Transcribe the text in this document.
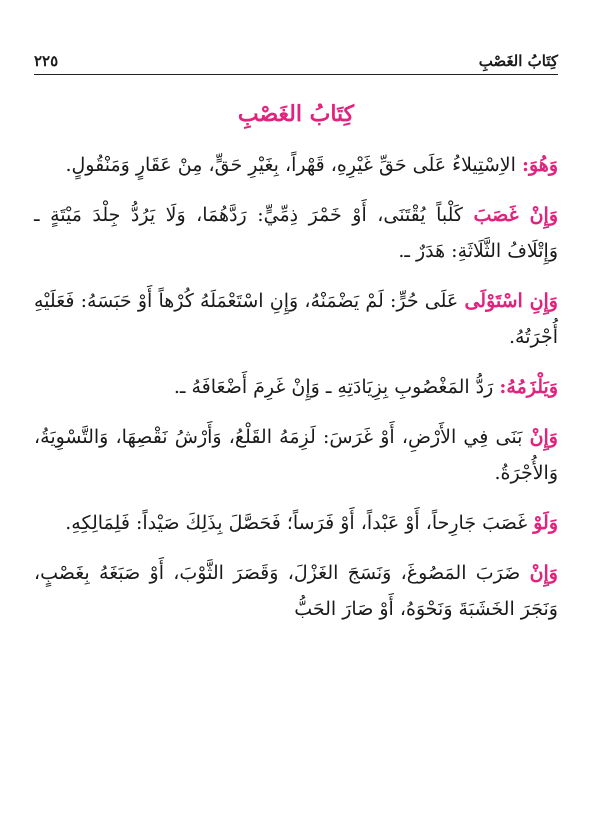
كِتَابُ الغَصْبِ
٢٢٥
كِتَابُ الغَصْبِ

وَهُوَ: الاِسْتِيلاءُ عَلَى حَقِّ غَيْرِهِ، قَهْراً، بِغَيْرِ حَقٍّ، مِنْ عَقَارٍ وَمَنْقُولٍ.

وَإِنْ غَصَبَ كَلْباً يُقْتَنَى، أَوْ خَمْرَ ذِمِّيٍّ: رَدَّهُمَا، وَلَا يَرُدُّ جِلْدَ مَيْتَةٍ ـ وَإِتْلَافُ الثَّلَاثَةِ: هَدَرٌ ـ.

وَإِنِ اسْتَوْلَى عَلَى حُرٍّ: لَمْ يَضْمَنْهُ، وَإِنِ اسْتَعْمَلَهُ كُرْهاً أَوْ حَبَسَهُ: فَعَلَيْهِ أُجْرَتُهُ.

وَيَلْزَمُهُ: رَدُّ المَغْصُوبِ بِزِيَادَتِهِ ـ وَإِنْ غَرِمَ أَضْعَافَهُ ـ.

وَإِنْ بَنَى فِي الأَرْضِ، أَوْ غَرَسَ: لَزِمَهُ القَلْعُ، وَأَرْشُ نَقْصِهَا، وَالتَّسْوِيَةُ، وَالأُجْرَةُ.

وَلَوْ غَصَبَ جَارِحاً، أَوْ عَبْداً، أَوْ فَرَساً؛ فَحَصَّلَ بِذَلِكَ صَيْداً: فَلِمَالِكِهِ.

وَإِنْ ضَرَبَ المَصُوغَ، وَنَسَجَ الغَزْلَ، وَقَصَرَ الثَّوْبَ، أَوْ صَبَغَهُ بِغَصْبٍ، وَنَجَرَ الخَشَبَةَ وَنَحْوَهُ، أَوْ صَارَ الحَبُّ
